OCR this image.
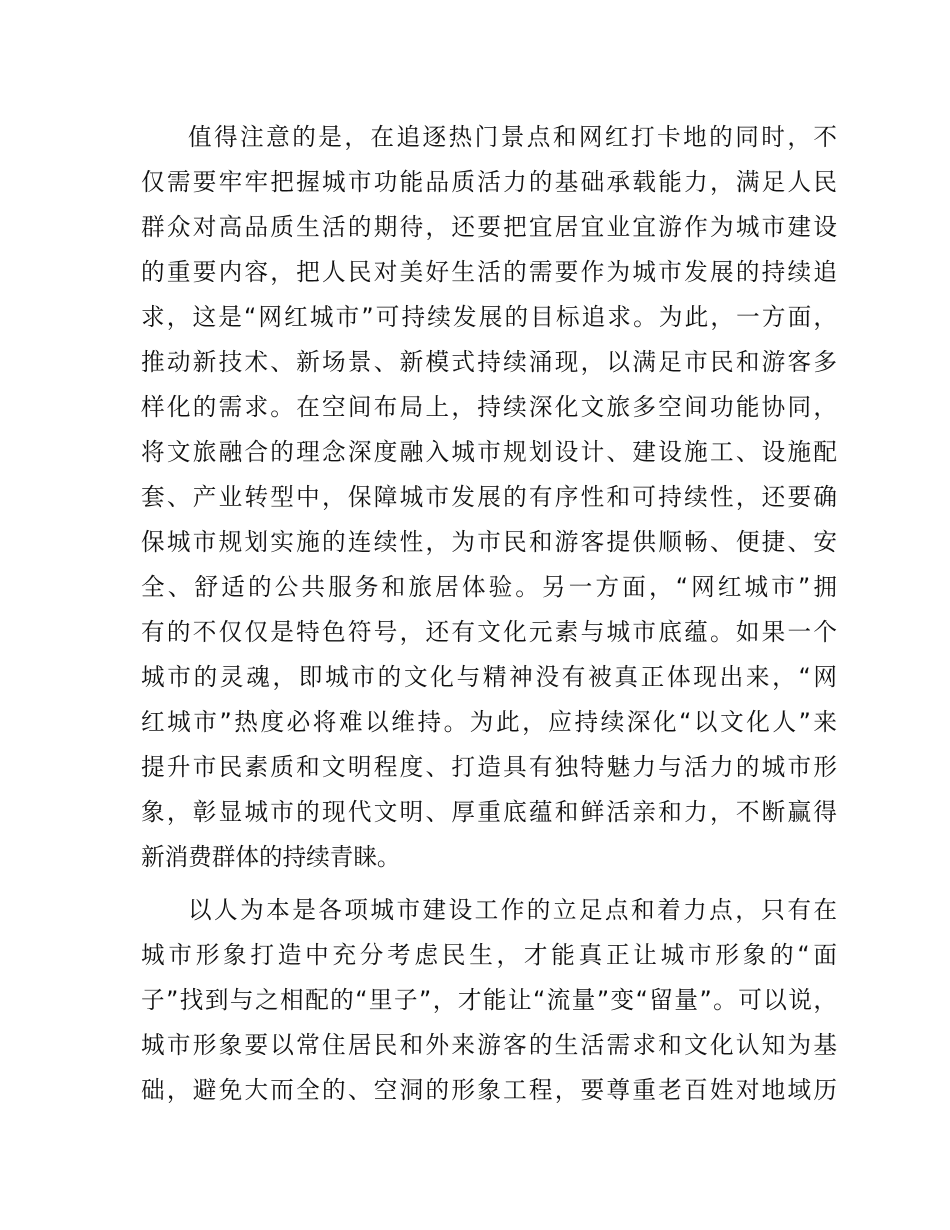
值得注意的是，在追逐热门景点和网红打卡地的同时，不
仅需要牢牢把握城市功能品质活力的基础承载能力，满足人民
群众对高品质生活的期待，还要把宜居宜业宜游作为城市建设
的重要内容，把人民对美好生活的需要作为城市发展的持续追
求，这是“网红城市”可持续发展的目标追求。为此，一方面，
推动新技术、新场景、新模式持续涌现，以满足市民和游客多
样化的需求。在空间布局上，持续深化文旅多空间功能协同，
将文旅融合的理念深度融入城市规划设计、建设施工、设施配
套、产业转型中，保障城市发展的有序性和可持续性，还要确
保城市规划实施的连续性，为市民和游客提供顺畅、便捷、安
全、舒适的公共服务和旅居体验。另一方面，“网红城市”拥
有的不仅仅是特色符号，还有文化元素与城市底蕴。如果一个
城市的灵魂，即城市的文化与精神没有被真正体现出来，“网
红城市”热度必将难以维持。为此，应持续深化“以文化人”来
提升市民素质和文明程度、打造具有独特魅力与活力的城市形
象，彰显城市的现代文明、厚重底蕴和鲜活亲和力，不断赢得
新消费群体的持续青睐。
以人为本是各项城市建设工作的立足点和着力点，只有在
城市形象打造中充分考虑民生，才能真正让城市形象的“面
子”找到与之相配的“里子”，才能让“流量”变“留量”。可以说，
城市形象要以常住居民和外来游客的生活需求和文化认知为基
础，避免大而全的、空洞的形象工程，要尊重老百姓对地域历
